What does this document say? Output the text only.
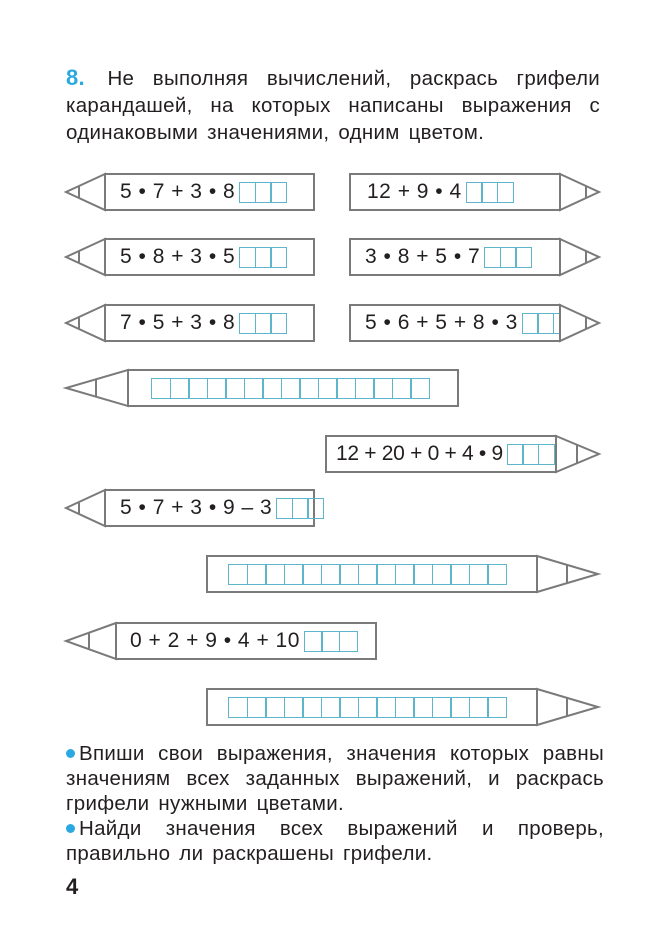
8. Не выполняя вычислений, раскрась грифели карандашей, на которых написаны выражения с одинаковыми значениями, одним цветом.
5 • 7 + 3 • 8	12 + 9 • 4
5 • 8 + 3 • 5	3 • 8 + 5 • 7
7 • 5 + 3 • 8	5 • 6 + 5 + 8 • 3
12 + 20 + 0 + 4 • 9
5 • 7 + 3 • 9 – 3
0 + 2 + 9 • 4 + 10

Впиши свои выражения, значения которых равны значениям всех заданных выражений, и раскрась грифели нужными цветами.

Найди значения всех выражений и проверь, правильно ли раскрашены грифели.

4
